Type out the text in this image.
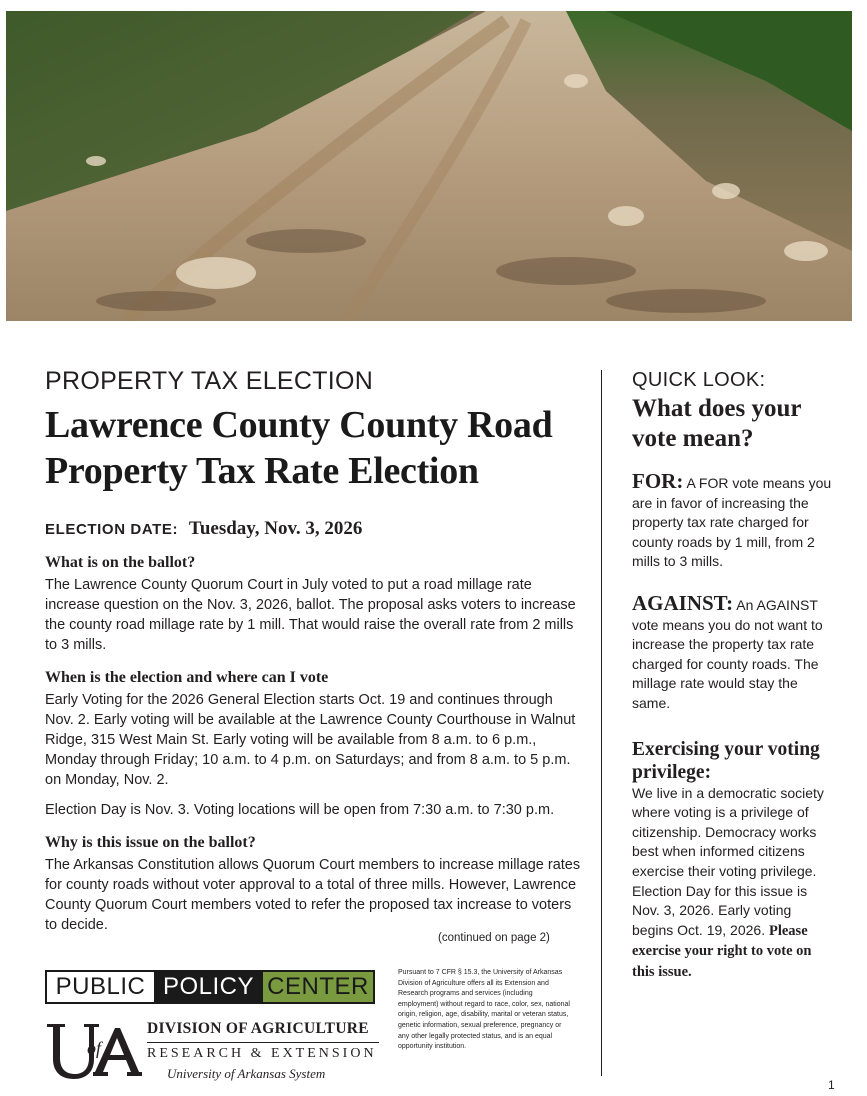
PROPERTY TAX ELECTION

Lawrence County County Road
Property Tax Rate Election
ELECTION DATE: Tuesday, Nov. 3, 2026
What is on the ballot?

The Lawrence County Quorum Court in July voted to put a road millage rate increase question on the Nov. 3, 2026, ballot. The proposal asks voters to increase the county road millage rate by 1 mill. That would raise the overall rate from 2 mills to 3 mills.

When is the election and where can I vote

Early Voting for the 2026 General Election starts Oct. 19 and continues through Nov. 2. Early voting will be available at the Lawrence County Courthouse in Walnut Ridge, 315 West Main St. Early voting will be available from 8 a.m. to 6 p.m., Monday through Friday; 10 a.m. to 4 p.m. on Saturdays; and from 8 a.m. to 5 p.m. on Monday, Nov. 2.

Election Day is Nov. 3. Voting locations will be open from 7:30 a.m. to 7:30 p.m.

Why is this issue on the ballot?

The Arkansas Constitution allows Quorum Court members to increase millage rates for county roads without voter approval to a total of three mills. However, Lawrence County Quorum Court members voted to refer the proposed tax increase to voters to decide.

(continued on page 2)

QUICK LOOK:

What does your vote mean?

FOR: A FOR vote means you are in favor of increasing the property tax rate charged for county roads by 1 mill, from 2 mills to 3 mills.

AGAINST: An AGAINST vote means you do not want to increase the property tax rate charged for county roads. The millage rate would stay the same.

Exercising your voting privilege:

We live in a democratic society where voting is a privilege of citizenship. Democracy works best when informed citizens exercise their voting privilege. Election Day for this issue is Nov. 3, 2026. Early voting begins Oct. 19, 2026. Please exercise your right to vote on this issue.

PUBLIC POLICY CENTER
of
DIVISION OF AGRICULTURE
RESEARCH & EXTENSION
University of Arkansas System
Pursuant to 7 CFR § 15.3, the University of Arkansas Division of Agriculture offers all its Extension and Research programs and services (including employment) without regard to race, color, sex, national origin, religion, age, disability, marital or veteran status, genetic information, sexual preference, pregnancy or any other legally protected status, and is an equal opportunity institution.
1
